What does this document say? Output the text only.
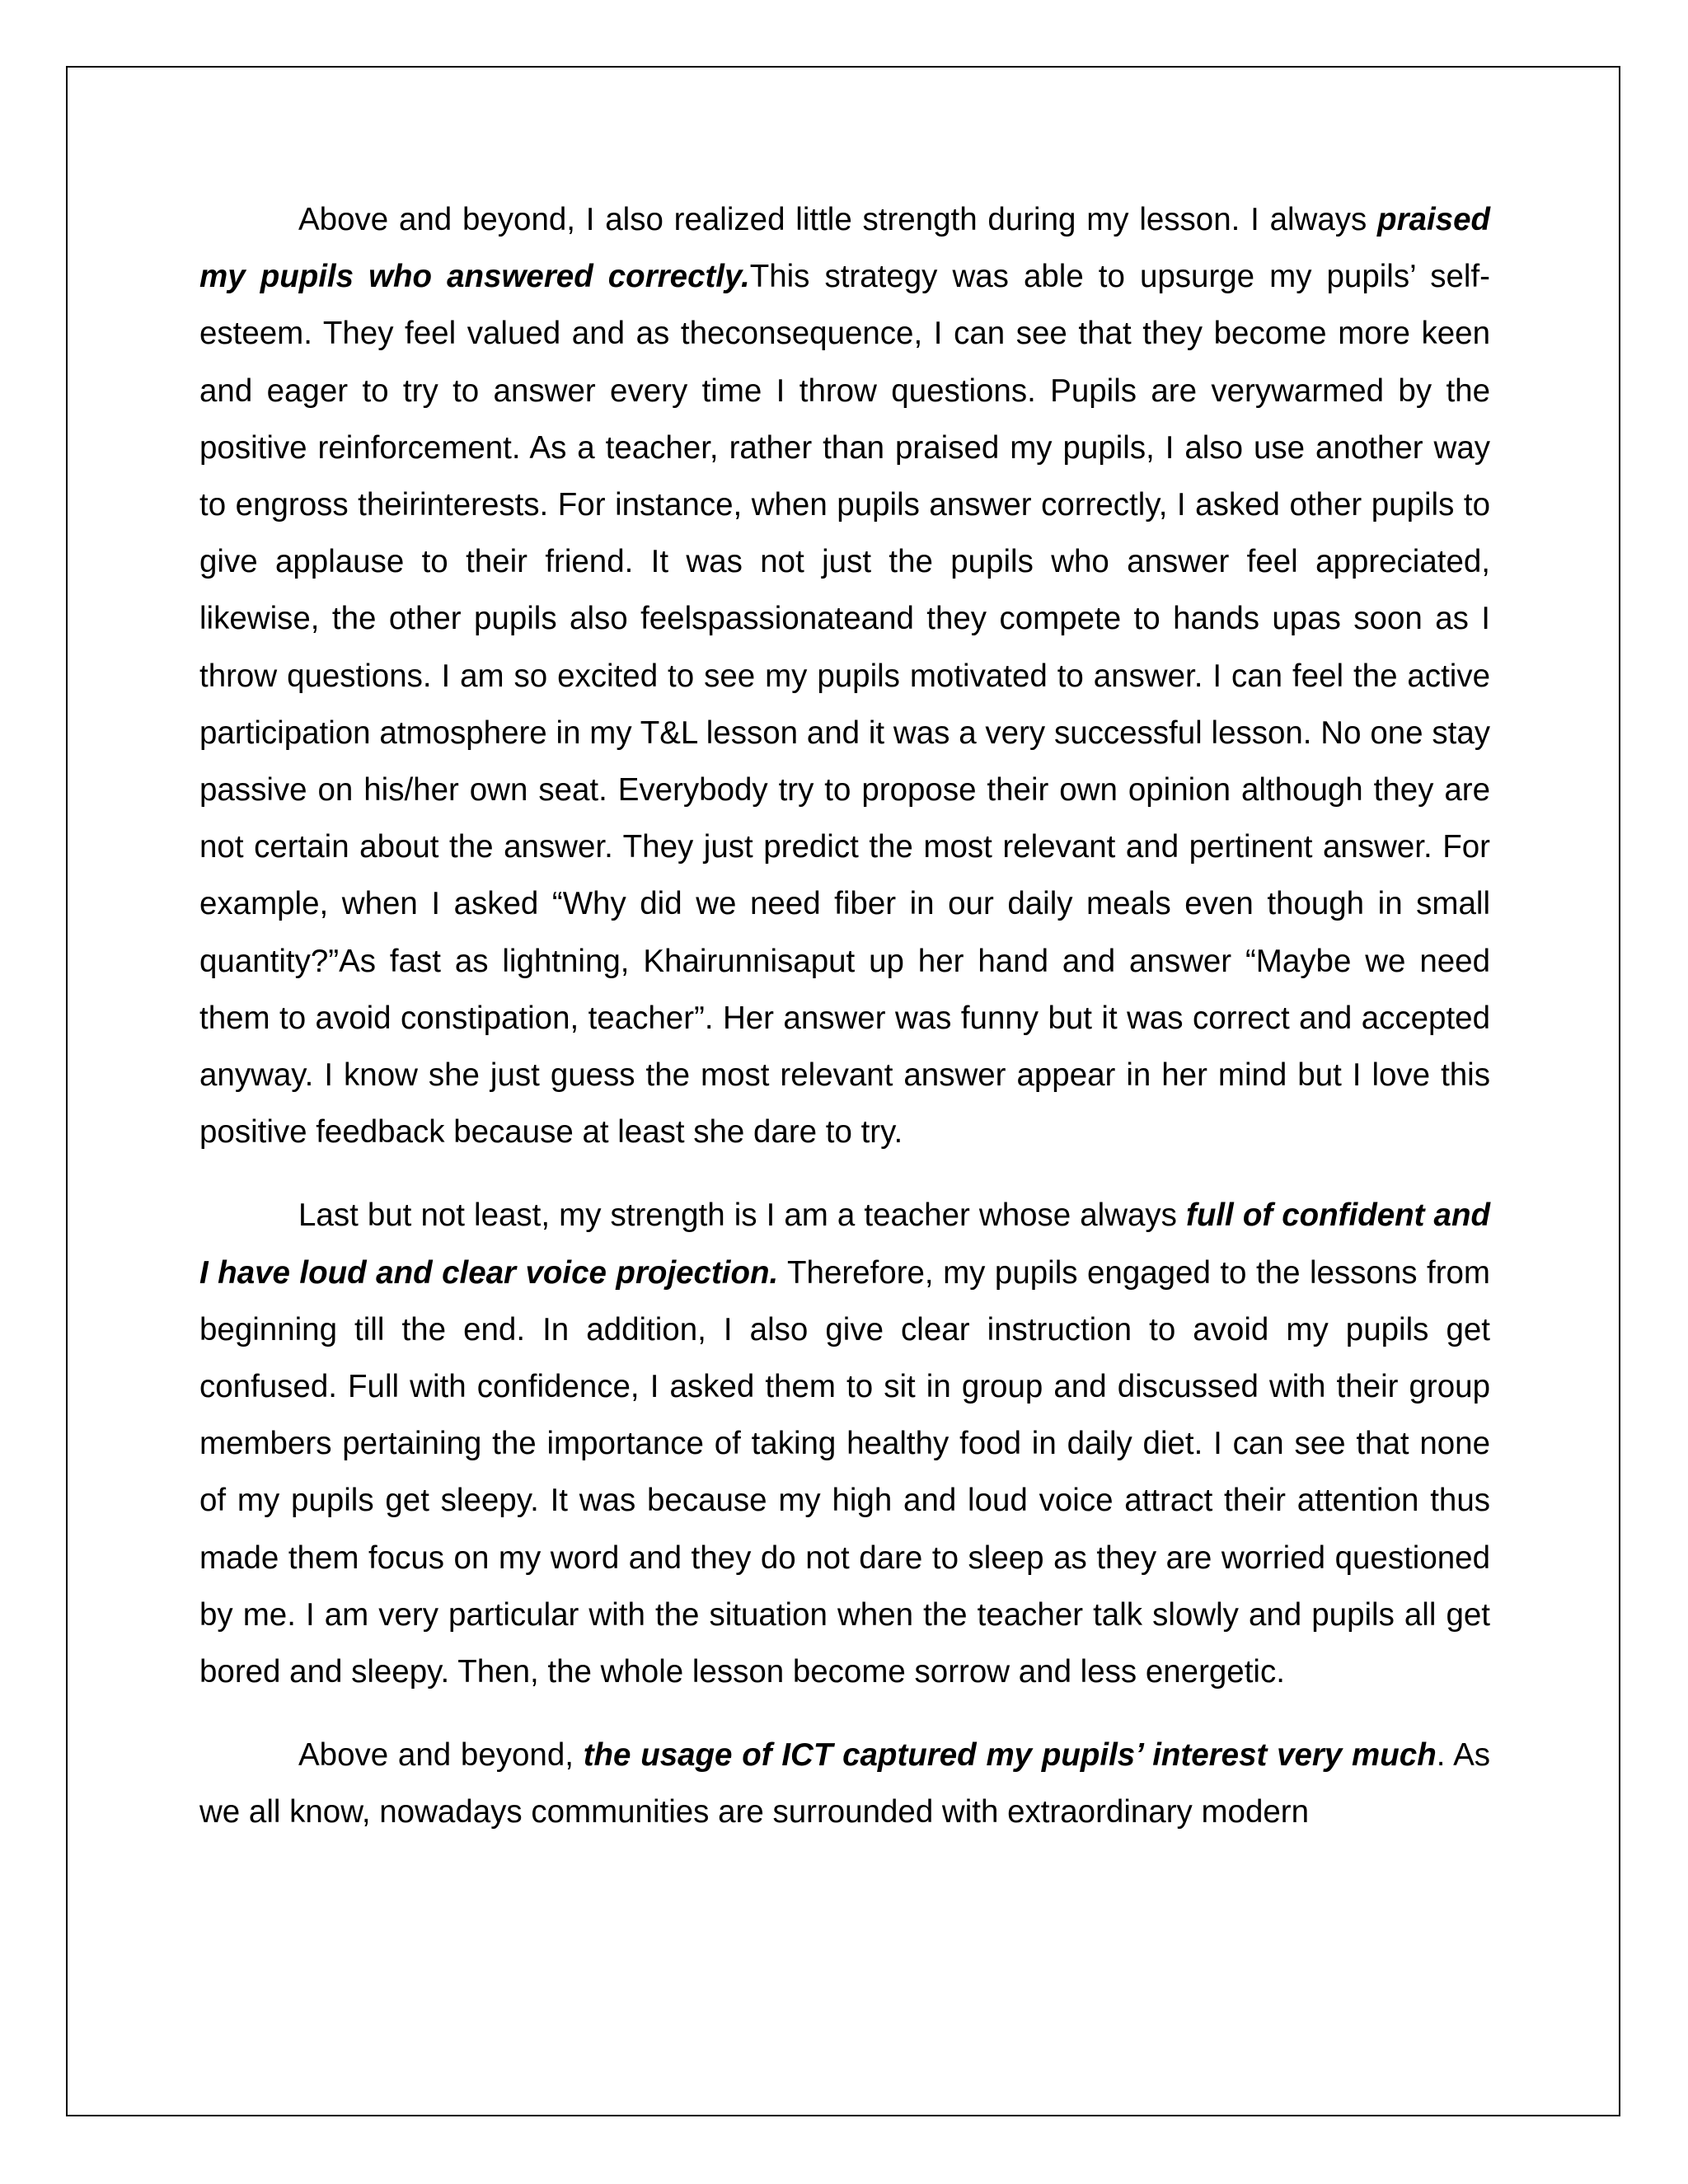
Above and beyond, I also realized little strength during my lesson. I always praised my pupils who answered correctly.This strategy was able to upsurge my pupils’ self-esteem. They feel valued and as theconsequence, I can see that they become more keen and eager to try to answer every time I throw questions. Pupils are verywarmed by the positive reinforcement. As a teacher, rather than praised my pupils, I also use another way to engross theirinterests. For instance, when pupils answer correctly, I asked other pupils to give applause to their friend. It was not just the pupils who answer feel appreciated, likewise, the other pupils also feelspassionateand they compete to hands upas soon as I throw questions. I am so excited to see my pupils motivated to answer. I can feel the active participation atmosphere in my T&L lesson and it was a very successful lesson. No one stay passive on his/her own seat. Everybody try to propose their own opinion although they are not certain about the answer. They just predict the most relevant and pertinent answer. For example, when I asked “Why did we need fiber in our daily meals even though in small quantity?”As fast as lightning, Khairunnisaput up her hand and answer “Maybe we need them to avoid constipation, teacher”. Her answer was funny but it was correct and accepted anyway. I know she just guess the most relevant answer appear in her mind but I love this positive feedback because at least she dare to try.

Last but not least, my strength is I am a teacher whose always full of confident and I have loud and clear voice projection. Therefore, my pupils engaged to the lessons from beginning till the end. In addition, I also give clear instruction to avoid my pupils get confused. Full with confidence, I asked them to sit in group and discussed with their group members pertaining the importance of taking healthy food in daily diet. I can see that none of my pupils get sleepy. It was because my high and loud voice attract their attention thus made them focus on my word and they do not dare to sleep as they are worried questioned by me. I am very particular with the situation when the teacher talk slowly and pupils all get bored and sleepy. Then, the whole lesson become sorrow and less energetic.

Above and beyond, the usage of ICT captured my pupils’ interest very much. As we all know, nowadays communities are surrounded with extraordinary modern
